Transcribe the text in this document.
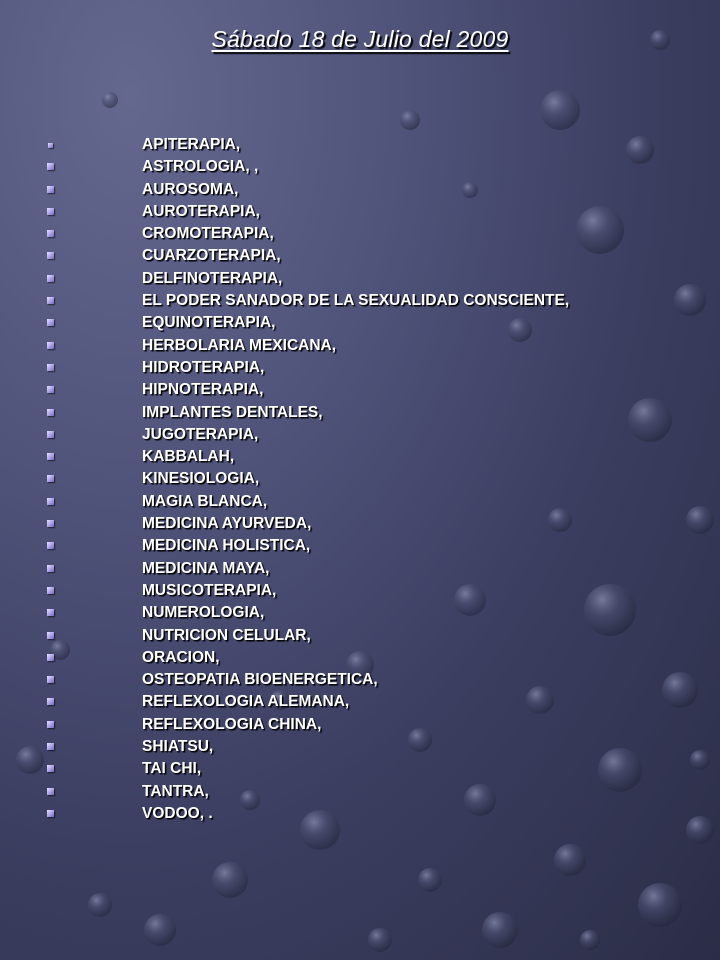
Sábado 18 de Julio del 2009
APITERAPIA,
ASTROLOGIA, ,
AUROSOMA,
AUROTERAPIA,
CROMOTERAPIA,
CUARZOTERAPIA,
DELFINOTERAPIA,
EL PODER SANADOR DE LA SEXUALIDAD CONSCIENTE,
EQUINOTERAPIA,
HERBOLARIA MEXICANA,
HIDROTERAPIA,
HIPNOTERAPIA,
IMPLANTES DENTALES,
JUGOTERAPIA,
KABBALAH,
KINESIOLOGIA,
MAGIA BLANCA,
MEDICINA AYURVEDA,
MEDICINA HOLISTICA,
MEDICINA MAYA,
MUSICOTERAPIA,
NUMEROLOGIA,
NUTRICION CELULAR,
ORACION,
OSTEOPATIA BIOENERGETICA,
REFLEXOLOGIA ALEMANA,
REFLEXOLOGIA CHINA,
SHIATSU,
TAI CHI,
TANTRA,
VODOO, .
